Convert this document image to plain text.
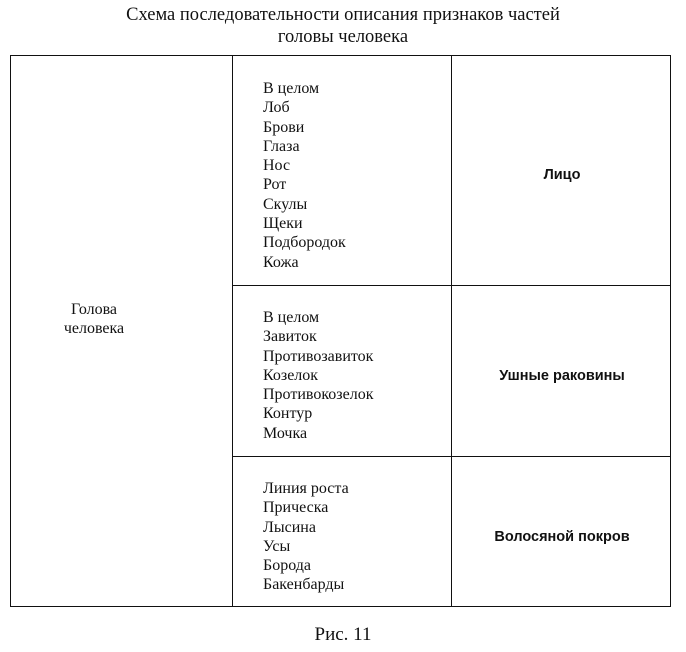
Схема последовательности описания признаков частей
головы человека
Голова
человека
В целом
Лоб
Брови
Глаза
Нос
Рот
Скулы
Щеки
Подбородок
Кожа
В целом
Завиток
Противозавиток
Козелок
Противокозелок
Контур
Мочка
Линия роста
Прическа
Лысина
Усы
Борода
Бакенбарды
Лицо
Ушные раковины
Волосяной покров
Рис. 11
